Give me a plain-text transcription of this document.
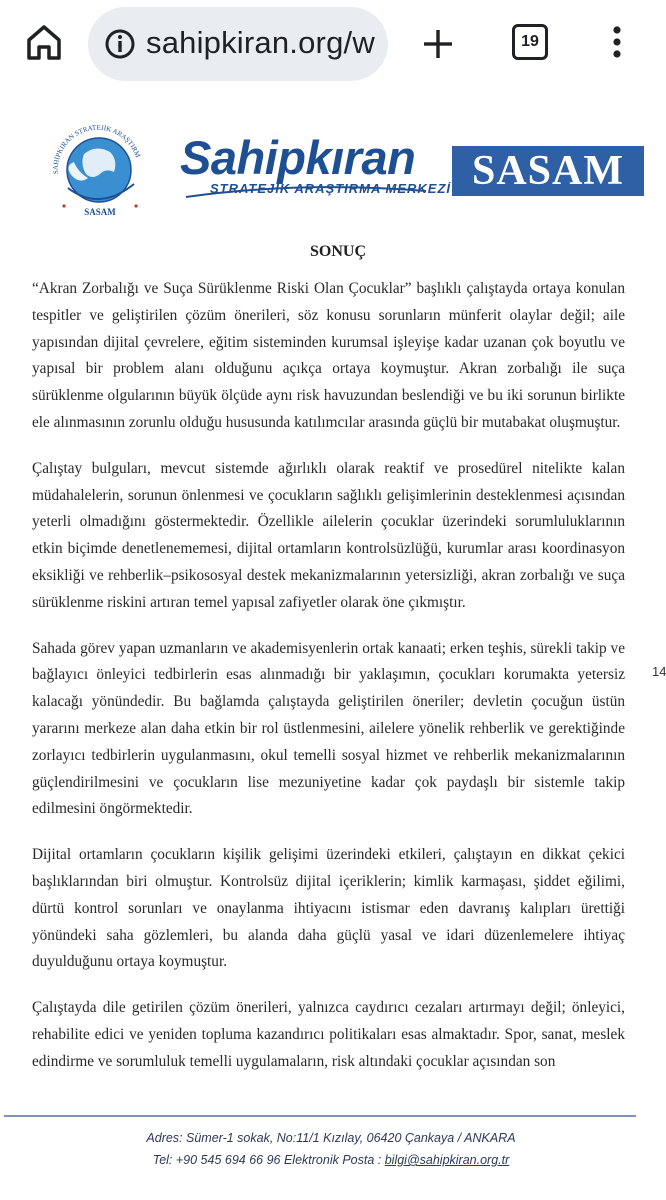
sahipkiran.org/w	19
SAHİPKIRAN STRATEJİK ARAŞTIRM
SASAM
Sahipkıran
STRATEJİK ARAŞTIRMA MERKEZİ SASAM
SONUÇ

“Akran Zorbalığı ve Suça Sürüklenme Riski Olan Çocuklar” başlıklı çalıştayda ortaya konulan tespitler ve geliştirilen çözüm önerileri, söz konusu sorunların münferit olaylar değil; aile yapısından dijital çevrelere, eğitim sisteminden kurumsal işleyişe kadar uzanan çok boyutlu ve yapısal bir problem alanı olduğunu açıkça ortaya koymuştur. Akran zorbalığı ile suça sürüklenme olgularının büyük ölçüde aynı risk havuzundan beslendiği ve bu iki sorunun birlikte ele alınmasının zorunlu olduğu hususunda katılımcılar arasında güçlü bir mutabakat oluşmuştur.

Çalıştay bulguları, mevcut sistemde ağırlıklı olarak reaktif ve prosedürel nitelikte kalan müdahalelerin, sorunun önlenmesi ve çocukların sağlıklı gelişimlerinin desteklenmesi açısından yeterli olmadığını göstermektedir. Özellikle ailelerin çocuklar üzerindeki sorumluluklarının etkin biçimde denetlenememesi, dijital ortamların kontrolsüzlüğü, kurumlar arası koordinasyon eksikliği ve rehberlik–psikososyal destek mekanizmalarının yetersizliği, akran zorbalığı ve suça sürüklenme riskini artıran temel yapısal zafiyetler olarak öne çıkmıştır.

Sahada görev yapan uzmanların ve akademisyenlerin ortak kanaati; erken teşhis, sürekli takip ve bağlayıcı önleyici tedbirlerin esas alınmadığı bir yaklaşımın, çocukları korumakta yetersiz kalacağı yönündedir. Bu bağlamda çalıştayda geliştirilen öneriler; devletin çocuğun üstün yararını merkeze alan daha etkin bir rol üstlenmesini, ailelere yönelik rehberlik ve gerektiğinde zorlayıcı tedbirlerin uygulanmasını, okul temelli sosyal hizmet ve rehberlik mekanizmalarının güçlendirilmesini ve çocukların lise mezuniyetine kadar çok paydaşlı bir sistemle takip edilmesini öngörmektedir.

Dijital ortamların çocukların kişilik gelişimi üzerindeki etkileri, çalıştayın en dikkat çekici başlıklarından biri olmuştur. Kontrolsüz dijital içeriklerin; kimlik karmaşası, şiddet eğilimi, dürtü kontrol sorunları ve onaylanma ihtiyacını istismar eden davranış kalıpları ürettiği yönündeki saha gözlemleri, bu alanda daha güçlü yasal ve idari düzenlemelere ihtiyaç duyulduğunu ortaya koymuştur.

Çalıştayda dile getirilen çözüm önerileri, yalnızca caydırıcı cezaları artırmayı değil; önleyici, rehabilite edici ve yeniden topluma kazandırıcı politikaları esas almaktadır. Spor, sanat, meslek edindirme ve sorumluluk temelli uygulamaların, risk altındaki çocuklar açısından son

14
Adres: Sümer-1 sokak, No:11/1 Kızılay, 06420 Çankaya / ANKARA
Tel: +90 545 694 66 96 Elektronik Posta : bilgi@sahipkiran.org.tr
